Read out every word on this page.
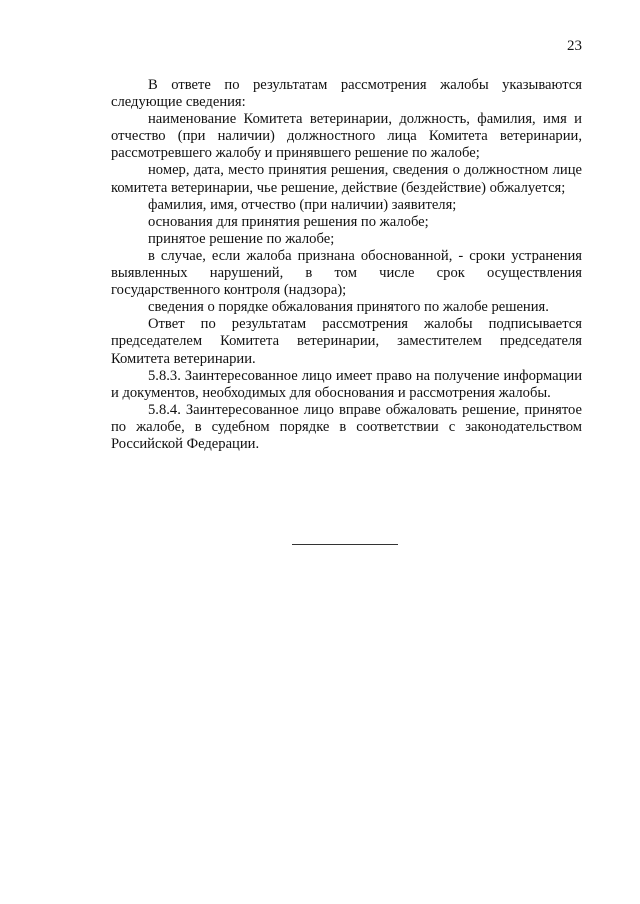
23

В ответе по результатам рассмотрения жалобы указываются следующие сведения:

наименование Комитета ветеринарии, должность, фамилия, имя и отчество (при наличии) должностного лица Комитета ветеринарии, рассмотревшего жалобу и принявшего решение по жалобе;

номер, дата, место принятия решения, сведения о должностном лице комитета ветеринарии, чье решение, действие (бездействие) обжалуется;

фамилия, имя, отчество (при наличии) заявителя;

основания для принятия решения по жалобе;

принятое решение по жалобе;

в случае, если жалоба признана обоснованной, - сроки устранения выявленных нарушений, в том числе срок осуществления государственного контроля (надзора);

сведения о порядке обжалования принятого по жалобе решения.

Ответ по результатам рассмотрения жалобы подписывается председателем Комитета ветеринарии, заместителем председателя Комитета ветеринарии.

5.8.3. Заинтересованное лицо имеет право на получение информации и документов, необходимых для обоснования и рассмотрения жалобы.

5.8.4. Заинтересованное лицо вправе обжаловать решение, принятое по жалобе, в судебном порядке в соответствии с законодательством Российской Федерации.
